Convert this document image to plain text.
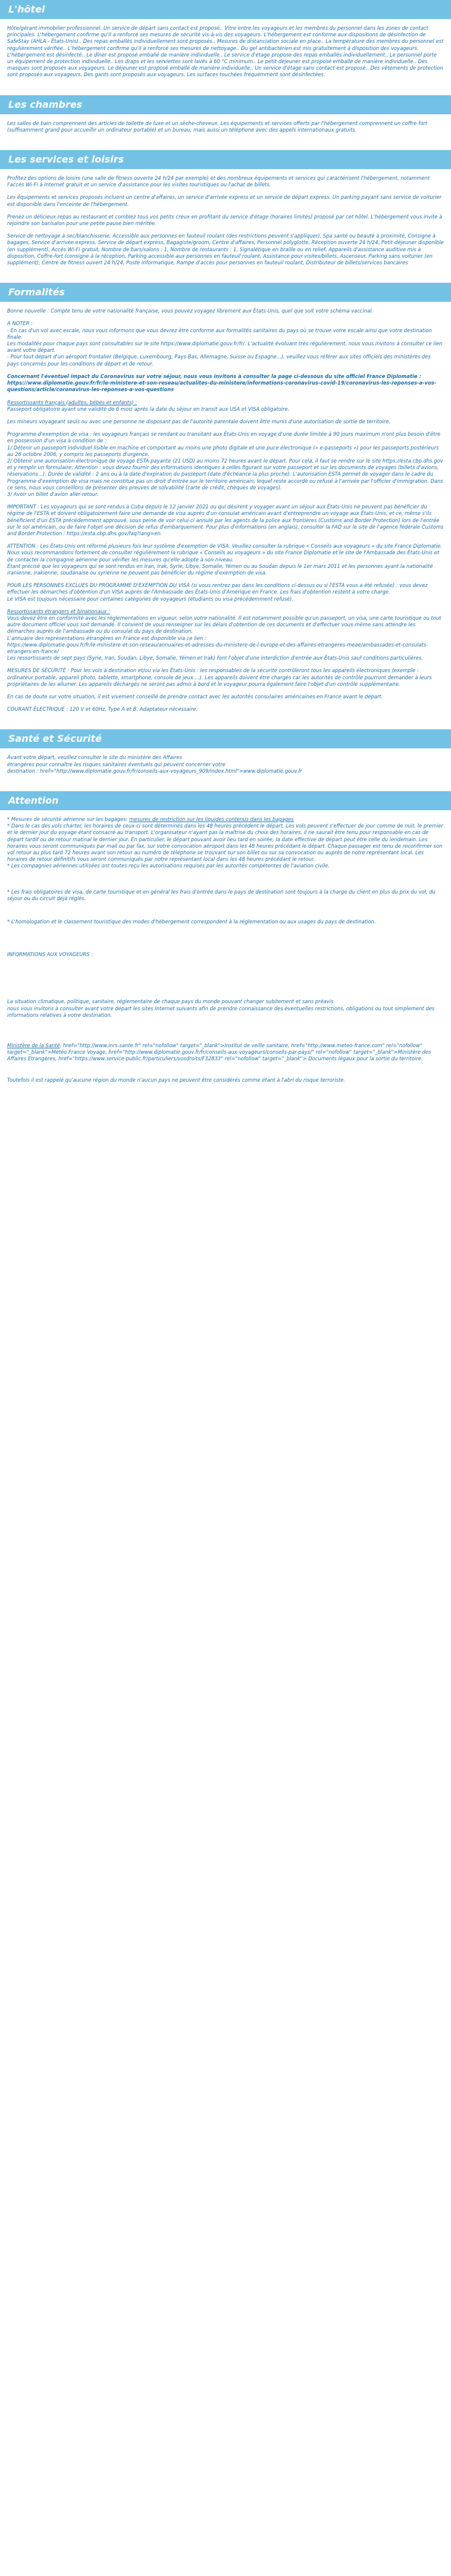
L'hôtel

Hôte/gérant immobilier professionnel. Un service de départ sans contact est proposé.. Vitre entre les voyageurs et les membres du personnel dans les zones de contact principales. L'hébergement confirme qu'il a renforcé ses mesures de sécurité vis-à-vis des voyageurs. L'hébergement est conforme aux dispositions de désinfection de SafeStay (AHLA - États-Unis).. Des repas emballés individuellement sont proposés.. Mesures de distanciation sociale en place.. La température des membres du personnel est régulièrement vérifiée.. L'hébergement confirme qu'il a renforcé ses mesures de nettoyage.. Du gel antibactérien est mis gratuitement à disposition des voyageurs. L'hébergement est désinfecté.. Le dîner est proposé emballé de manière individuelle.. Le service d'étage propose des repas emballés individuellement.. Le personnel porte un équipement de protection individuelle.. Les draps et les serviettes sont lavés à 60 °C minimum.. Le petit-déjeuner est proposé emballé de manière individuelle.. Des masques sont proposés aux voyageurs. Le déjeuner est proposé emballé de manière individuelle.. Un service d'étage sans contact est proposé.. Des vêtements de protection sont proposés aux voyageurs. Des gants sont proposés aux voyageurs. Les surfaces touchées fréquemment sont désinfectées.

Les chambres

Les salles de bain comprennent des articles de toilette de luxe et un sèche-cheveux. Les équipements et services offerts par l'hébergement comprennent un coffre-fort (suffisamment grand pour accueillir un ordinateur portable) et un bureau, mais aussi un téléphone avec des appels internationaux gratuits.

Les services et loisirs

Profitez des options de loisirs (une salle de fitness ouverte 24 h/24 par exemple) et des nombreux équipements et services qui caractérisent l'hébergement, notamment l'accès Wi-Fi à Internet gratuit et un service d'assistance pour les visites touristiques ou l'achat de billets.

Les équipements et services proposés incluent un centre d'affaires, un service d'arrivée express et un service de départ express. Un parking payant sans service de voiturier est disponible dans l'enceinte de l'hébergement.

Prenez un délicieux repas au restaurant et comblez tous vos petits creux en profitant du service d'étage (horaires limités) proposé par cet hôtel. L'hébergement vous invite à rejoindre son bar/salon pour une petite pause bien méritée.

Service de nettoyage à sec/blanchisserie, Accessible aux personnes en fauteuil roulant (des restrictions peuvent s'appliquer), Spa santé ou beauté à proximité, Consigne à bagages, Service d'arrivée express, Service de départ express, Bagagiste/groom, Centre d'affaires, Personnel polyglotte, Réception ouverte 24 h/24, Petit-déjeuner disponible (en supplément), Accès Wi-Fi gratuit, Nombre de bars/salons : 1, Nombre de restaurants : 1, Signalétique en braille ou en relief, Appareils d'assistance auditive mis à disposition, Coffre-fort (consigne à la réception, Parking accessible aux personnes en fauteuil roulant, Assistance pour visites/billets, Ascenseur, Parking sans voiturier (en supplément), Centre de fitness ouvert 24 h/24, Poste informatique, Rampe d'accès pour personnes en fauteuil roulant, Distributeur de billets/services bancaires

Formalités

Bonne nouvelle : Compte tenu de votre nationalité française, vous pouvez voyagez librement aux États-Unis, quel que soit votre schéma vaccinal.

A NOTER :
- En cas d'un vol avec escale, nous vous informons que vous devrez être conforme aux formalités sanitaires du pays où se trouve votre escale ainsi que votre destination finale.
Les modalités pour chaque pays sont consultables sur le site https://www.diplomatie.gouv.fr/fr/. L'actualité évoluant très régulièrement, nous vous invitons à consulter ce lien avant votre départ.
- Pour tout départ d'un aéroport frontalier (Belgique, Luxembourg, Pays-Bas, Allemagne, Suisse ou Espagne...), veuillez vous référer aux sites officiels des ministères des pays concernés pour les conditions de départ et de retour.

Concernant l'éventuel impact du Coronavirus sur votre séjour, nous vous invitons à consulter la page ci-dessous du site officiel France Diplomatie :
https://www.diplomatie.gouv.fr/fr/le-ministere-et-son-reseau/actualites-du-ministere/informations-coronavirus-covid-19/coronavirus-les-reponses-a-vos-questions/article/coronavirus-les-reponses-a-vos-questions

Ressortissants français (adultes, bébés et enfants) :

Passeport obligatoire ayant une validité de 6 mois après la date du séjour en transit aux USA et VISA obligatoire.

Les mineurs voyageant seuls ou avec une personne ne disposant pas de l'autorité parentale doivent être munis d'une autorisation de sortie de territoire.

Programme d'exemption de visa : les voyageurs français se rendant ou transitant aux États-Unis en voyage d'une durée limitée à 90 jours maximum n'ont plus besoin d'être en possession d'un visa à condition de :
1/ Détenir un passeport individuel lisible en machine et comportant au moins une photo digitale et une puce électronique (« e-passeports ») pour les passeports postérieurs au 26 octobre 2006, y compris les passeports d'urgence.
2/ Obtenir une autorisation électronique de voyage ESTA payante (21 USD) au moins 72 heures avant le départ. Pour cela, il faut se rendre sur le site https://esta.cbp.dhs.gov et y remplir un formulaire. Attention : vous devez fournir des informations identiques à celles figurant sur votre passeport et sur les documents de voyages (billets d'avions, réservations...). Durée de validité : 2 ans ou à la date d'expiration du passeport (date d'échéance la plus proche). L'autorisation ESTA permet de voyager dans le cadre du Programme d'exemption de visa mais ne constitue pas un droit d'entrée sur le territoire américain, lequel reste accordé ou refusé à l'arrivée par l'officier d'immigration. Dans ce sens, nous vous conseillons de présenter des preuves de solvabilité (carte de crédit, chèques de voyages).
3/ Avoir un billet d'avion aller-retour.

IMPORTANT : Les voyageurs qui se sont rendus à Cuba depuis le 12 janvier 2021 ou qui désirent y voyager avant un séjour aux États-Unis ne peuvent pas bénéficier du régime de l'ESTA et doivent obligatoirement faire une demande de visa auprès d'un consulat américain avant d'entreprendre un voyage aux États-Unis, et ce, même s'ils bénéficient d'un ESTA précédemment approuvé, sous peine de voir celui-ci annulé par les agents de la police aux frontières (Customs and Border Protection) lors de l'entrée sur le sol américain, ou de faire l'objet une décision de refus d'embarquement. Pour plus d'informations (en anglais), consulter la FAQ sur le site de l'agence fédérale Customs and Border Protection : https://esta.cbp.dhs.gov/faq?lang=en.

ATTENTION : Les États-Unis ont réformé plusieurs fois leur système d'exemption de VISA. Veuillez consulter la rubrique « Conseils aux voyageurs » du site France Diplomatie.
Nous vous recommandons fortement de consulter régulièrement la rubrique « Conseils au voyageurs » du site France Diplomatie et le site de l'Ambassade des États-Unis et de contacter la compagnie aérienne pour vérifier les mesures qu'elle adopte à son niveau.
Étant précisé que les voyageurs qui se sont rendus en Iran, Irak, Syrie, Libye, Somalie, Yémen ou au Soudan depuis le 1er mars 2011 et les personnes ayant la nationalité iranienne, irakienne, soudanaise ou syrienne ne peuvent pas bénéficier du régime d'exemption de visa.

POUR LES PERSONNES EXCLUES DU PROGRAMME D'EXEMPTION DU VISA (si vous rentrez pas dans les conditions ci-dessus ou si l'ESTA vous a été refusée) : vous devez effectuer les démarches d'obtention d'un VISA auprès de l'Ambassade des États-Unis d'Amérique en France. Les frais d'obtention restent à votre charge.
Le VISA est toujours nécessaire pour certaines catégories de voyageurs (étudiants ou visa précédemment refusé).

Ressortissants étrangers et binationaux :

Vous devez être en conformité avec les réglementations en vigueur, selon votre nationalité. Il est notamment possible qu'un passeport, un visa, une carte touristique ou tout autre document officiel vous soit demandé. Il convient de vous renseigner sur les délais d'obtention de ces documents et d'effectuer vous-même sans attendre les démarches auprès de l'ambassade ou du consulat du pays de destination.
L'annuaire des représentations étrangères en France est disponible via ce lien :
https://www.diplomatie.gouv.fr/fr/le-ministere-et-son-reseau/annuaires-et-adresses-du-ministere-de-l-europe-et-des-affaires-etrangeres-meae/ambassades-et-consulats-etrangers-en-france/
Les ressortissants de sept pays (Syrie, Iran, Soudan, Libye, Somalie, Yémen et Irak) font l'objet d'une interdiction d'entrée aux États-Unis sauf conditions particulières.

MESURES DE SÉCURITÉ : Pour les vols à destination et/ou via les États-Unis : les responsables de la sécurité contrôleront tous les appareils électroniques (exemple : ordinateur portable, appareil photo, tablette, smartphone, console de jeux....). Les appareils doivent être chargés car les autorités de contrôle pourront demander à leurs propriétaires de les allumer. Les appareils déchargés ne seront pas admis à bord et le voyageur pourra également faire l'objet d'un contrôle supplémentaire.

En cas de doute sur votre situation, il est vivement conseillé de prendre contact avec les autorités consulaires américaines en France avant le départ.

COURANT ÉLECTRIQUE : 120 V et 60Hz, Type A et B. Adaptateur nécessaire.

Santé et Sécurité

Avant votre départ, veuillez consulter le site du ministère des Affaires
étrangères pour connaître les risques sanitaires éventuels qui peuvent concerner votre
destination : href="http://www.diplomatie.gouv.fr/fr/conseils-aux-voyageurs_909/index.html">www.diplomatie.gouv.fr

Attention

* Mesures de sécurité aérienne sur les bagages: mesures de restriction sur les liquides contenus dans les bagages
* Dans le cas des vols charter, les horaires de ceux-ci sont déterminés dans les 48 heures précédent le départ. Les vols peuvent s'effectuer de jour comme de nuit, le premier et le dernier jour du voyage étant consacré au transport. L'organisateur n'ayant pas la maîtrise du choix des horaires, il ne saurait être tenu pour responsable en cas de départ tardif ou de retour matinal le dernier jour. En particulier, le départ pouvant avoir lieu tard en soirée, la date effective de départ peut être celle du lendemain. Les horaires vous seront communiqués par mail ou par fax, sur votre convocation aéroport dans les 48 heures précédant le départ. Chaque passager est tenu de reconfirmer son vol retour au plus tard 72 heures avant son retour au numéro de téléphone se trouvant sur son billet ou sur sa convocation ou auprès de notre représentant local. Les horaires de retour définitifs vous seront communiqués par notre représentant local dans les 48 heures précédant le retour.
* Les compagnies aériennes utilisées ont toutes reçu les autorisations requises par les autorités compétentes de l'aviation civile.

* Les frais obligatoires de visa, de carte touristique et en général les frais d'entrée dans le pays de destination sont toujours à la charge du client en plus du prix du vol, du séjour ou du circuit déjà réglés.

* L'homologation et le classement touristique des modes d'hébergement correspondent à la réglementation ou aux usages du pays de destination.

INFORMATIONS AUX VOYAGEURS :

La situation climatique, politique, sanitaire, réglementaire de chaque pays du monde pouvant changer subitement et sans préavis
nous vous invitons à consulter avant votre départ les sites Internet suivants afin de prendre connaissance des éventuelles restrictions, obligations ou tout simplement des informations relatives à votre destination.

Ministère de la Santé. href="http://www.inrs-sante.fr" rel="nofollow" target="_blank">Institut de veille sanitaire, href="http://www.meteo-france.com" rel="nofollow" target="_blank">Météo France Voyage, href="http://www.diplomatie.gouv.fr/fr/conseils-aux-voyageurs/conseils-par-pays/" rel="nofollow" target="_blank">Ministère des Affaires Etrangères, href="https://www.service-public.fr/particuliers/vosdroits/F32833" rel="nofollow" target="_blank"> Documents légaux pour la sortie du territoire.

Toutefois il est rappelé qu'aucune région du monde n'aucun pays ne peuvent être considérés comme étant à l'abri du risque terroriste.
